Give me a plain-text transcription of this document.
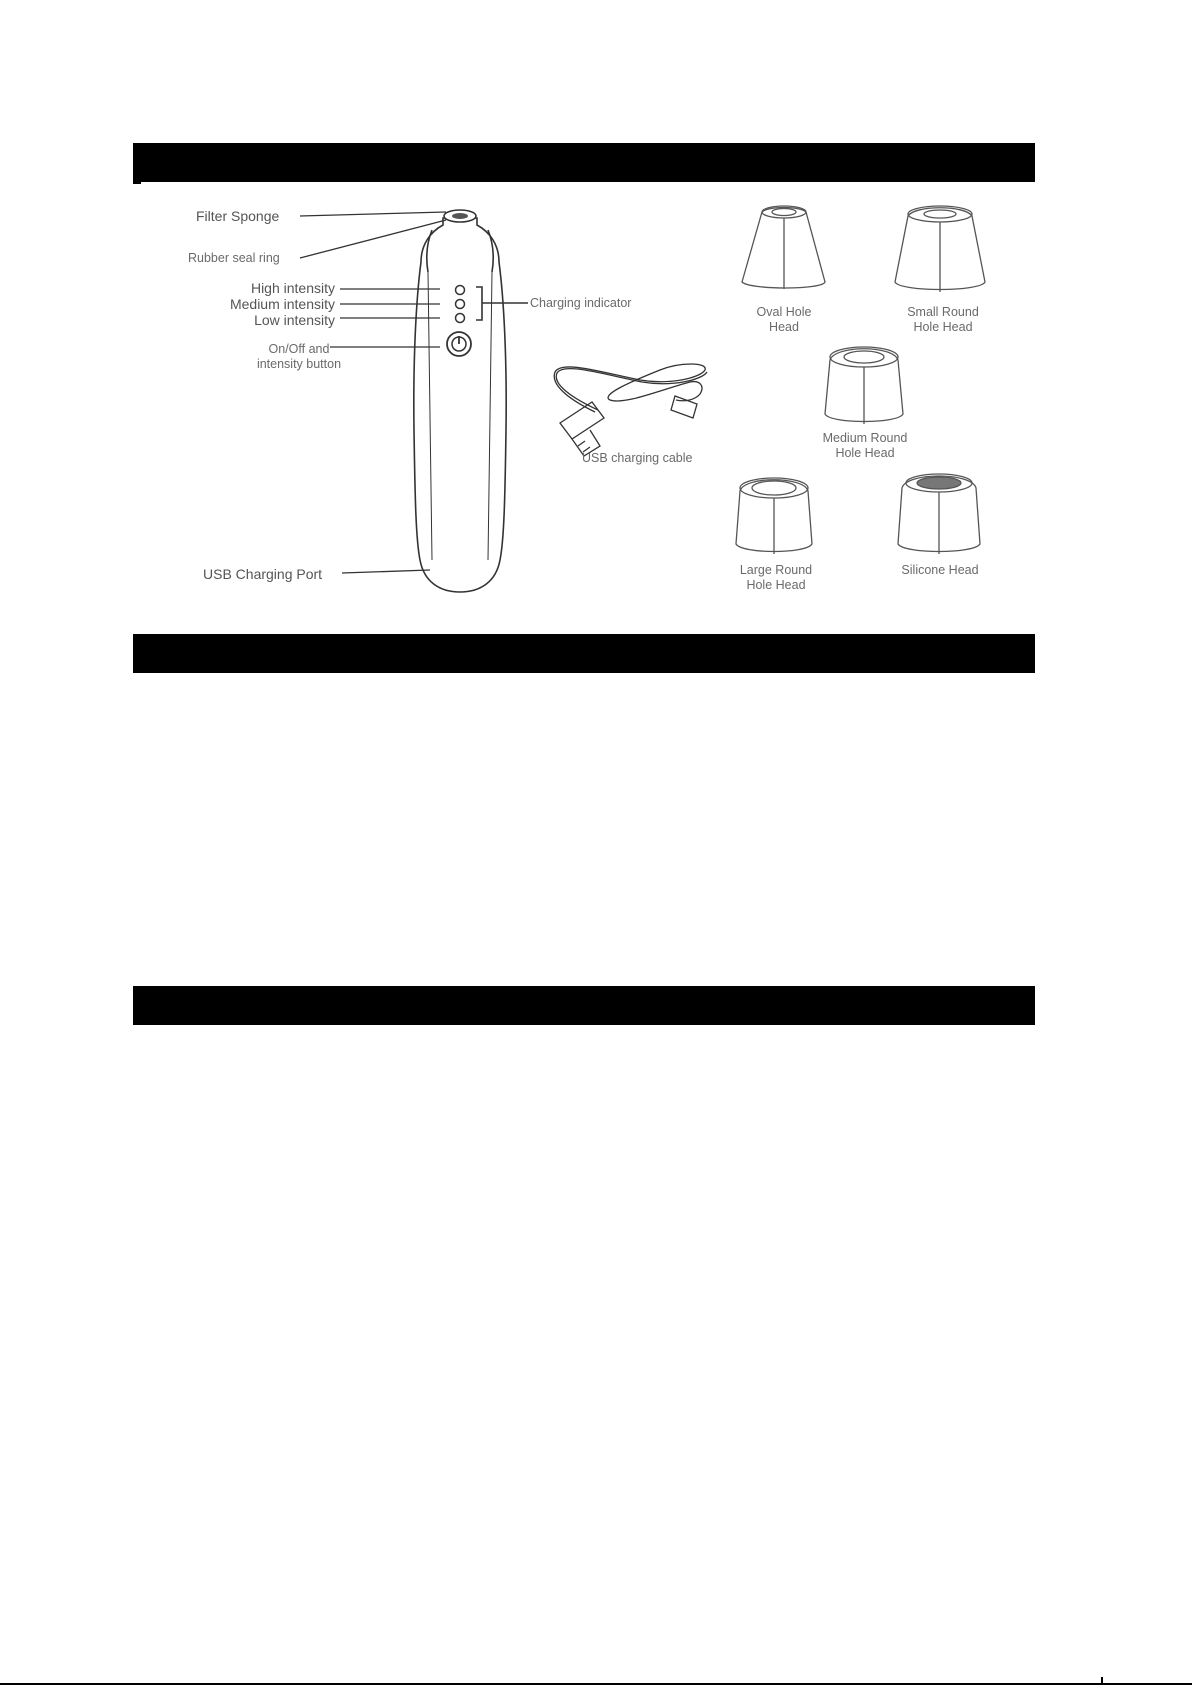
Filter Sponge
Rubber seal ring
High intensity
Medium intensity
Low intensity
Charging indicator
On/Off and
intensity button
USB Charging Port
USB charging cable
Oval Hole
Head
Small Round
Hole Head
Medium Round
Hole Head
Large Round
Hole Head
Silicone Head
